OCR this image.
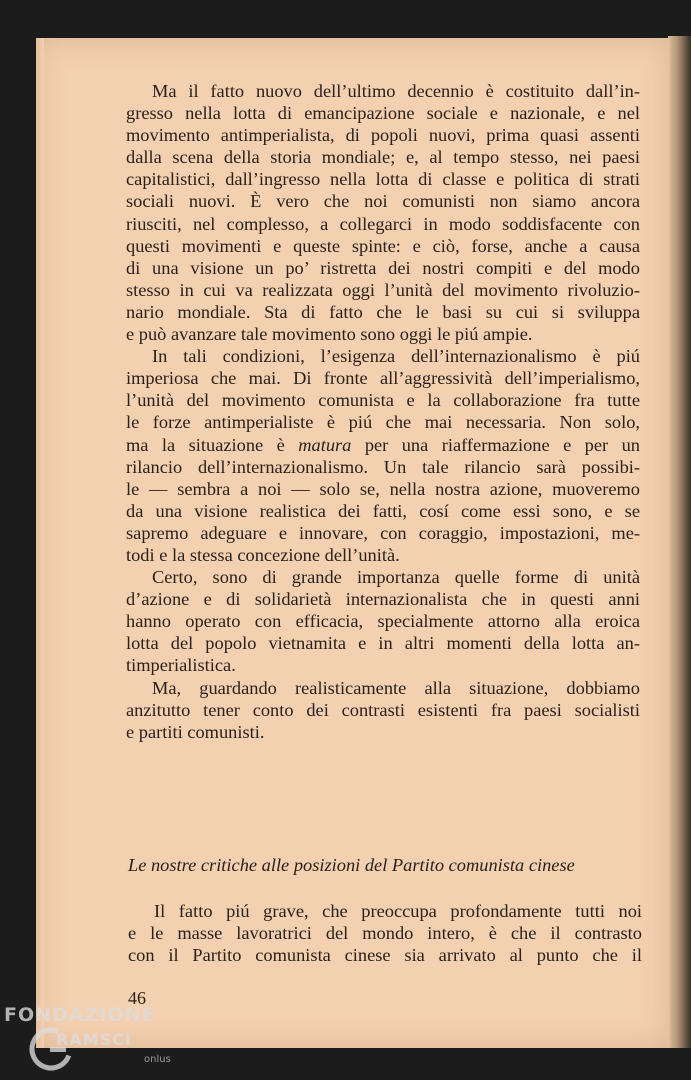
Ma il fatto nuovo dell’ultimo decennio è costituito dall’in-
gresso nella lotta di emancipazione sociale e nazionale, e nel
movimento antimperialista, di popoli nuovi, prima quasi assenti
dalla scena della storia mondiale; e, al tempo stesso, nei paesi
capitalistici, dall’ingresso nella lotta di classe e politica di strati
sociali nuovi. È vero che noi comunisti non siamo ancora
riusciti, nel complesso, a collegarci in modo soddisfacente con
questi movimenti e queste spinte: e ciò, forse, anche a causa
di una visione un po’ ristretta dei nostri compiti e del modo
stesso in cui va realizzata oggi l’unità del movimento rivoluzio-
nario mondiale. Sta di fatto che le basi su cui si sviluppa
e può avanzare tale movimento sono oggi le piú ampie.
In tali condizioni, l’esigenza dell’internazionalismo è piú
imperiosa che mai. Di fronte all’aggressività dell’imperialismo,
l’unità del movimento comunista e la collaborazione fra tutte
le forze antimperialiste è piú che mai necessaria. Non solo,
ma la situazione è matura per una riaffermazione e per un
rilancio dell’internazionalismo. Un tale rilancio sarà possibi-
le — sembra a noi — solo se, nella nostra azione, muoveremo
da una visione realistica dei fatti, cosí come essi sono, e se
sapremo adeguare e innovare, con coraggio, impostazioni, me-
todi e la stessa concezione dell’unità.
Certo, sono di grande importanza quelle forme di unità
d’azione e di solidarietà internazionalista che in questi anni
hanno operato con efficacia, specialmente attorno alla eroica
lotta del popolo vietnamita e in altri momenti della lotta an-
timperialistica.
Ma, guardando realisticamente alla situazione, dobbiamo
anzitutto tener conto dei contrasti esistenti fra paesi socialisti
e partiti comunisti.
Le nostre critiche alle posizioni del Partito comunista cinese
Il fatto piú grave, che preoccupa profondamente tutti noi
e le masse lavoratrici del mondo intero, è che il contrasto
con il Partito comunista cinese sia arrivato al punto che il
46
FONDAZIONE
RAMSCI
onlus
